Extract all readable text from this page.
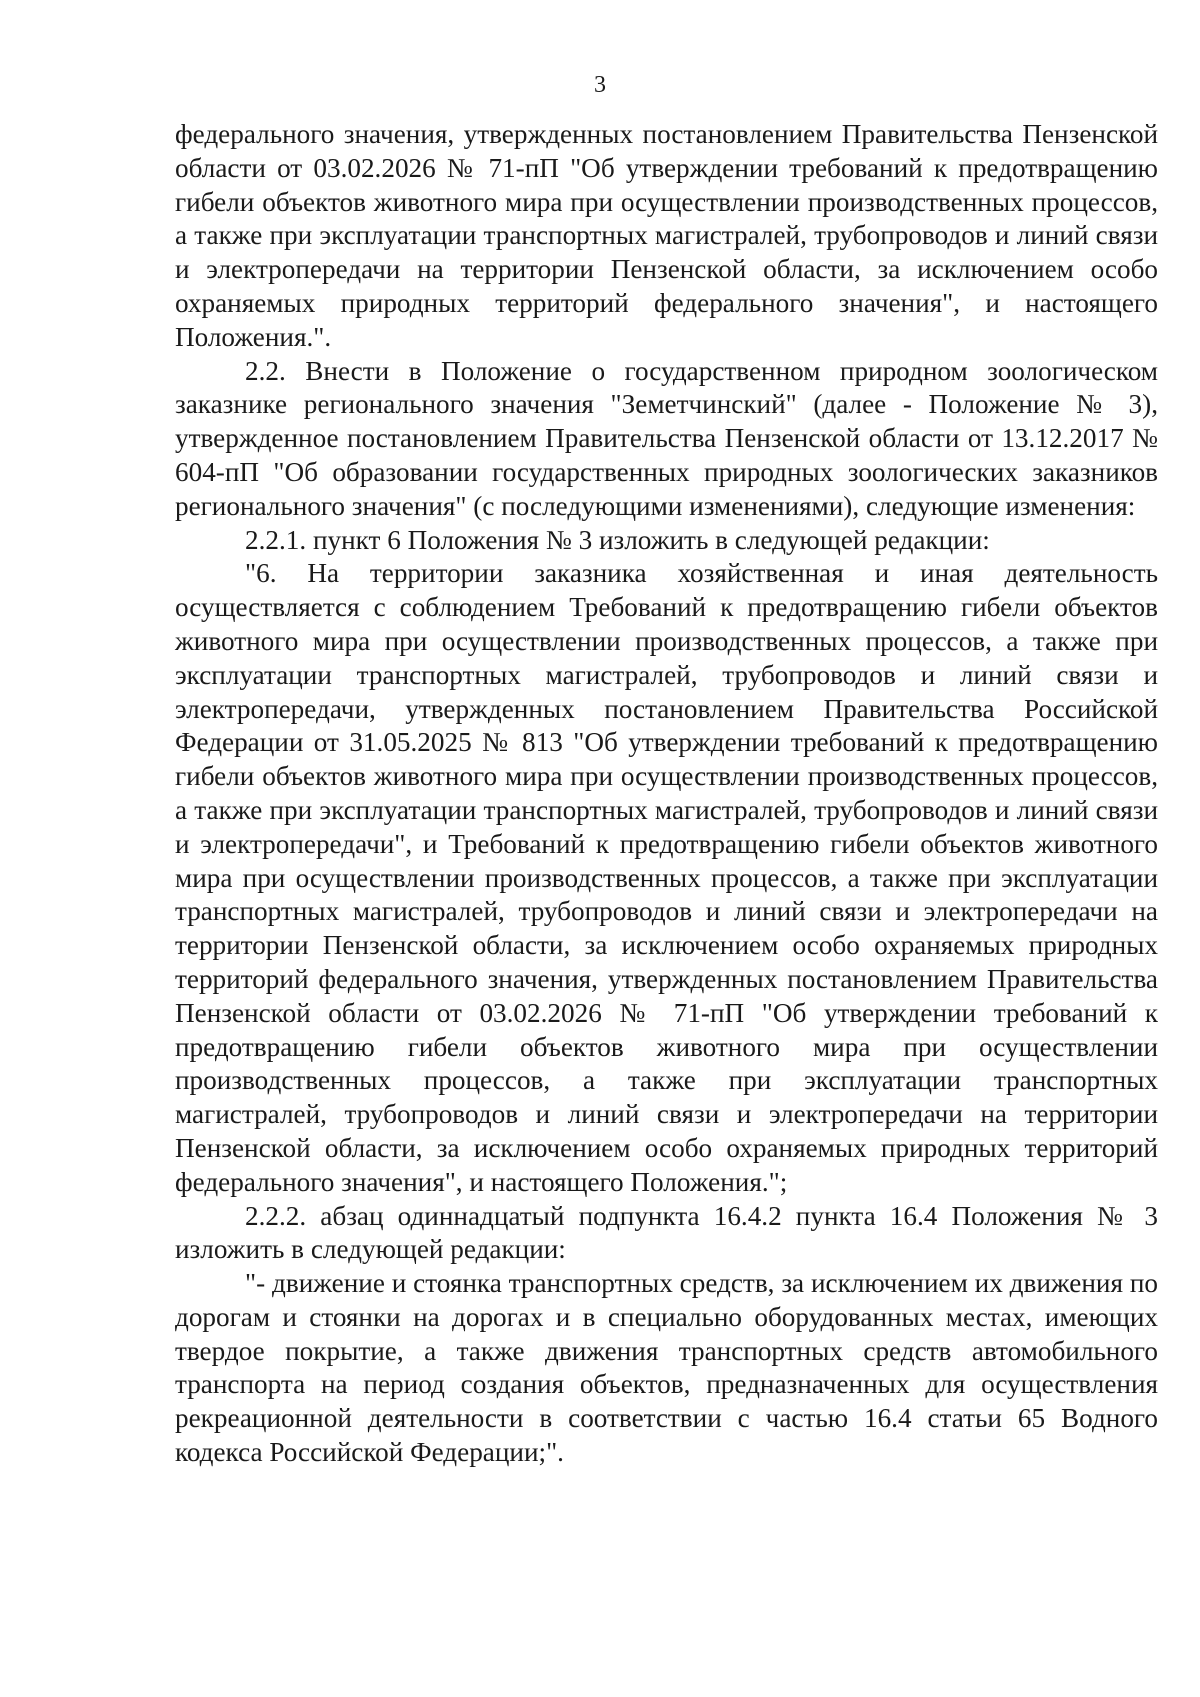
3

федерального значения, утвержденных постановлением Правительства Пензенской области от 03.02.2026 № 71-пП "Об утверждении требований к предотвращению гибели объектов животного мира при осуществлении производственных процессов, а также при эксплуатации транспортных магистралей, трубопроводов и линий связи и электропередачи на территории Пензенской области, за исключением особо охраняемых природных территорий федерального значения", и настоящего Положения.".

2.2. Внести в Положение о государственном природном зоологическом заказнике регионального значения "Земетчинский" (далее - Положение № 3), утвержденное постановлением Правительства Пензенской области от 13.12.2017 № 604-пП "Об образовании государственных природных зоологических заказников регионального значения" (с последующими изменениями), следующие изменения:

2.2.1. пункт 6 Положения № 3 изложить в следующей редакции:

"6. На территории заказника хозяйственная и иная деятельность осуществляется с соблюдением Требований к предотвращению гибели объектов животного мира при осуществлении производственных процессов, а также при эксплуатации транспортных магистралей, трубопроводов и линий связи и электропередачи, утвержденных постановлением Правительства Российской Федерации от 31.05.2025 № 813 "Об утверждении требований к предотвращению гибели объектов животного мира при осуществлении производственных процессов, а также при эксплуатации транспортных магистралей, трубопроводов и линий связи и электропередачи", и Требований к предотвращению гибели объектов животного мира при осуществлении производственных процессов, а также при эксплуатации транспортных магистралей, трубопроводов и линий связи и электропередачи на территории Пензенской области, за исключением особо охраняемых природных территорий федерального значения, утвержденных постановлением Правительства Пензенской области от 03.02.2026 № 71-пП "Об утверждении требований к предотвращению гибели объектов животного мира при осуществлении производственных процессов, а также при эксплуатации транспортных магистралей, трубопроводов и линий связи и электропередачи на территории Пензенской области, за исключением особо охраняемых природных территорий федерального значения", и настоящего Положения.";

2.2.2. абзац одиннадцатый подпункта 16.4.2 пункта 16.4 Положения № 3 изложить в следующей редакции:

"- движение и стоянка транспортных средств, за исключением их движения по дорогам и стоянки на дорогах и в специально оборудованных местах, имеющих твердое покрытие, а также движения транспортных средств автомобильного транспорта на период создания объектов, предназначенных для осуществления рекреационной деятельности в соответствии с частью 16.4 статьи 65 Водного кодекса Российской Федерации;".
